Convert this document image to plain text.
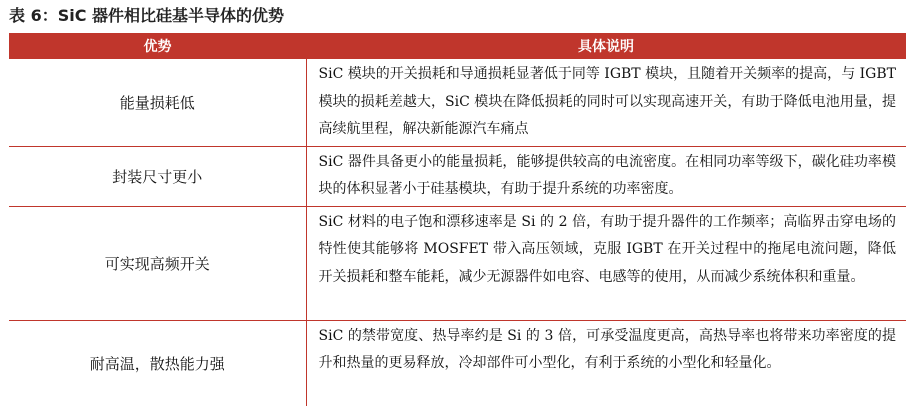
表 6：SiC 器件相比硅基半导体的优势
优势	具体说明
能量损耗低	SiC 模块的开关损耗和导通损耗显著低于同等 IGBT 模块，且随着开关频率的提高，与 IGBT 模块的损耗差越大，SiC 模块在降低损耗的同时可以实现高速开关，有助于降低电池用量，提高续航里程，解决新能源汽车痛点
封装尺寸更小	SiC 器件具备更小的能量损耗，能够提供较高的电流密度。在相同功率等级下，碳化硅功率模块的体积显著小于硅基模块，有助于提升系统的功率密度。
可实现高频开关	SiC 材料的电子饱和漂移速率是 Si 的 2 倍，有助于提升器件的工作频率；高临界击穿电场的特性使其能够将 MOSFET 带入高压领域，克服 IGBT 在开关过程中的拖尾电流问题，降低开关损耗和整车能耗，减少无源器件如电容、电感等的使用，从而减少系统体积和重量。
耐高温，散热能力强	SiC 的禁带宽度、热导率约是 Si 的 3 倍，可承受温度更高，高热导率也将带来功率密度的提升和热量的更易释放，冷却部件可小型化，有利于系统的小型化和轻量化。
